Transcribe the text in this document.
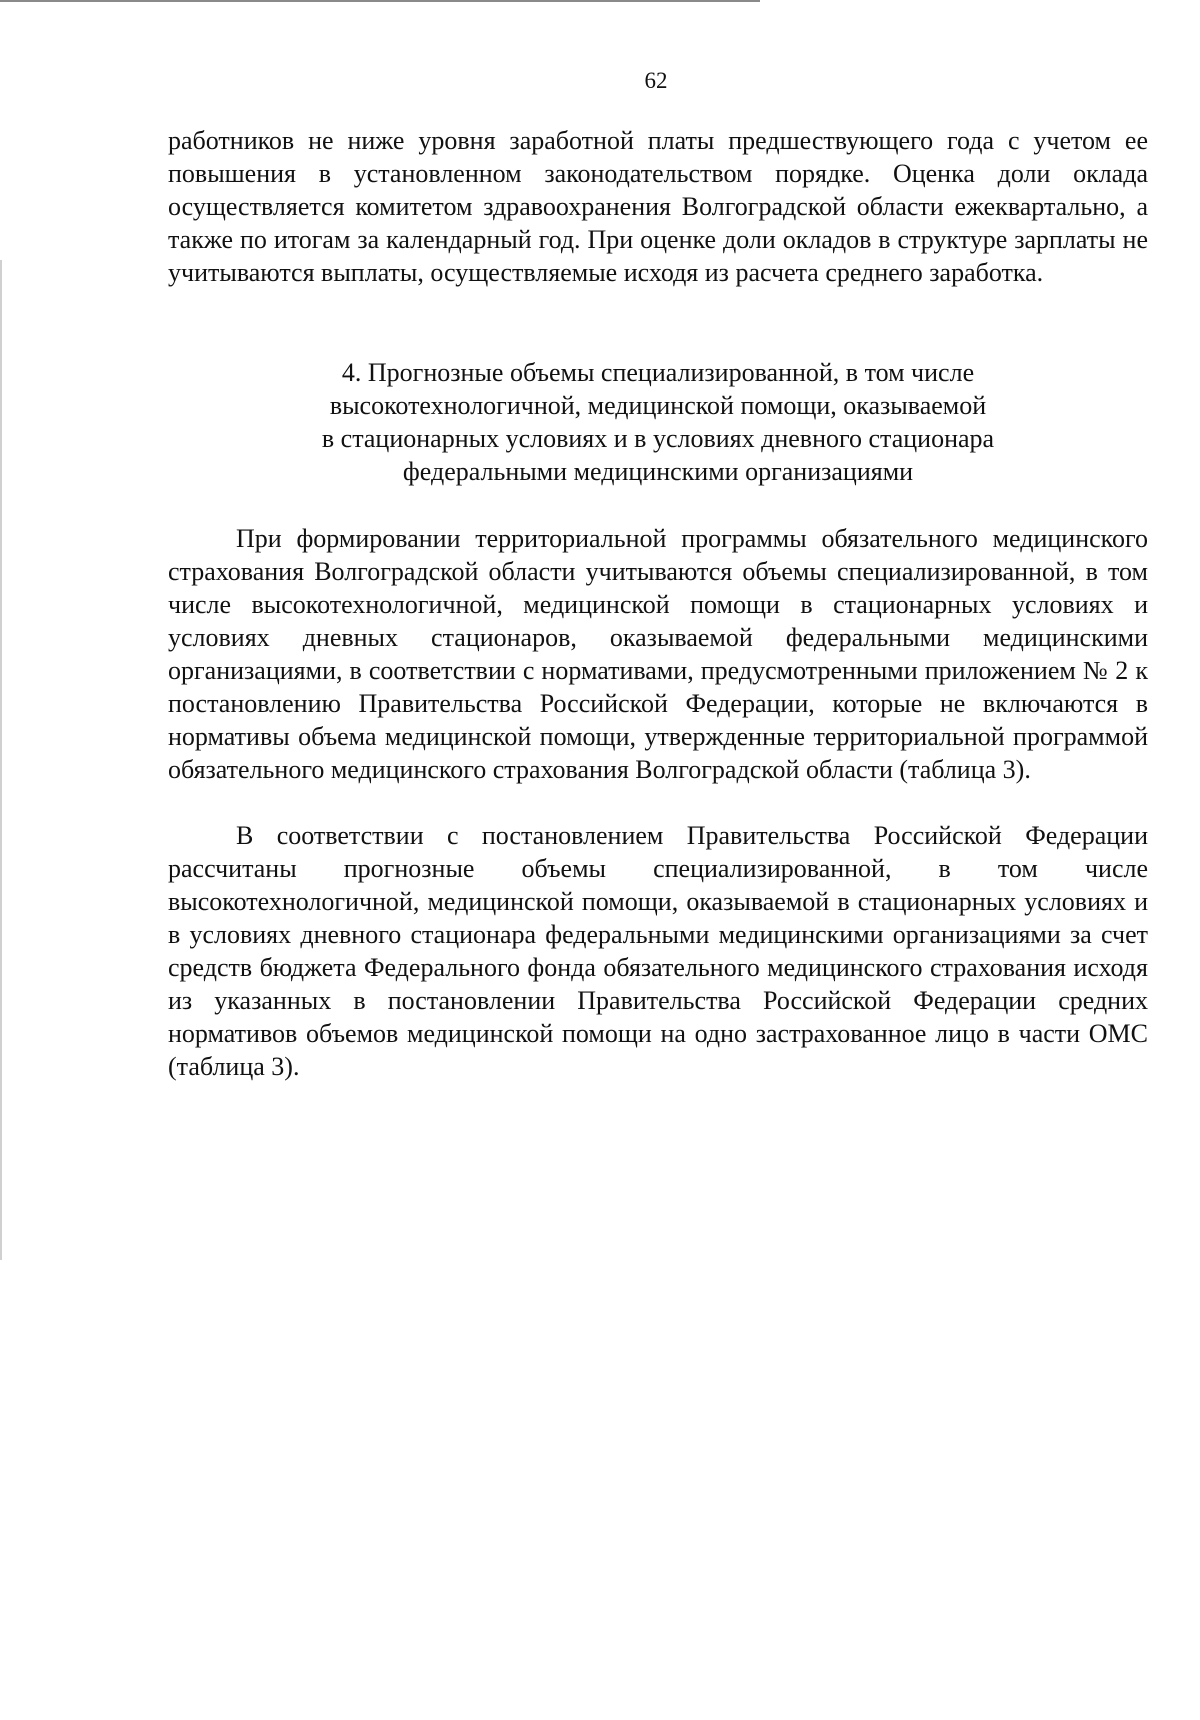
62
работников не ниже уровня заработной платы предшествующего года с учетом ее повышения в установленном законодательством порядке. Оценка доли оклада осуществляется комитетом здравоохранения Волгоградской области ежеквартально, а также по итогам за календарный год. При оценке доли окладов в структуре зарплаты не учитываются выплаты, осуществляемые исходя из расчета среднего заработка.
4. Прогнозные объемы специализированной, в том числе
высокотехнологичной, медицинской помощи, оказываемой
в стационарных условиях и в условиях дневного стационара
федеральными медицинскими организациями
При формировании территориальной программы обязательного медицинского страхования Волгоградской области учитываются объемы специализированной, в том числе высокотехнологичной, медицинской помощи в стационарных условиях и условиях дневных стационаров, оказываемой федеральными медицинскими организациями, в соответствии с нормативами, предусмотренными приложением № 2 к постановлению Правительства Российской Федерации, которые не включаются в нормативы объема медицинской помощи, утвержденные территориальной программой обязательного медицинского страхования Волгоградской области (таблица 3).
В соответствии с постановлением Правительства Российской Федерации рассчитаны прогнозные объемы специализированной, в том числе высокотехнологичной, медицинской помощи, оказываемой в стационарных условиях и в условиях дневного стационара федеральными медицинскими организациями за счет средств бюджета Федерального фонда обязательного медицинского страхования исходя из указанных в постановлении Правительства Российской Федерации средних нормативов объемов медицинской помощи на одно застрахованное лицо в части ОМС (таблица 3).
